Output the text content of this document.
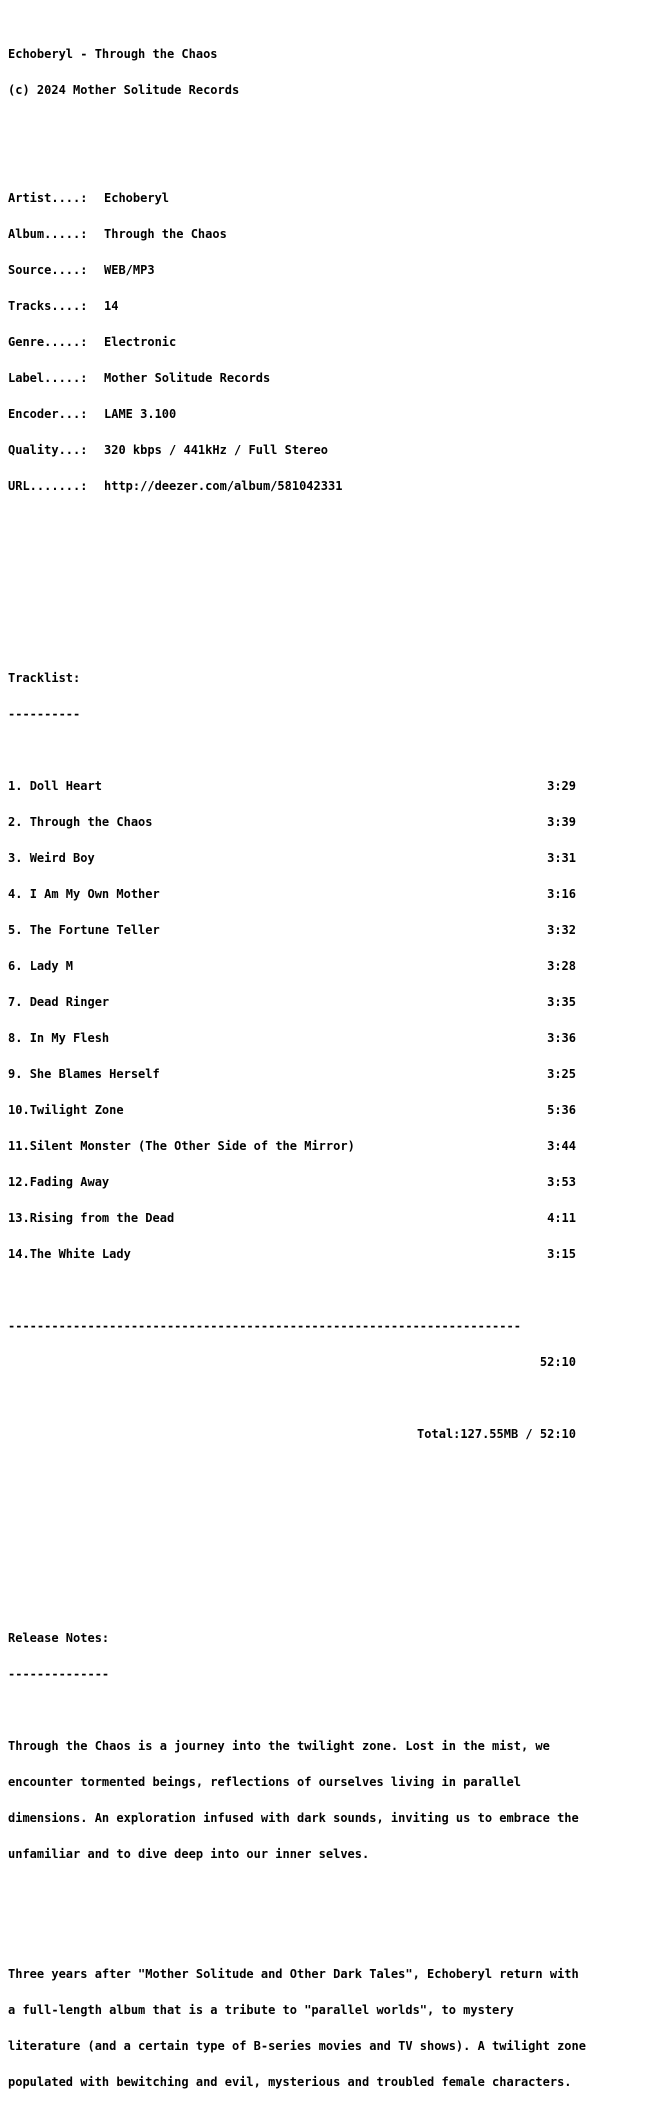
Echoberyl - Through the Chaos

(c) 2024 Mother Solitude Records

Artist....:	Echoberyl

Album.....:	Through the Chaos

Source....:	WEB/MP3

Tracks....:	14

Genre.....:	Electronic

Label.....:	Mother Solitude Records

Encoder...:	LAME 3.100

Quality...:	320 kbps / 441kHz / Full Stereo

URL.......:	http://deezer.com/album/581042331

Tracklist:

----------

1. Doll Heart	3:29

2. Through the Chaos	3:39

3. Weird Boy	3:31

4. I Am My Own Mother	3:16

5. The Fortune Teller	3:32

6. Lady M	3:28

7. Dead Ringer	3:35

8. In My Flesh	3:36

9. She Blames Herself	3:25

10. Twilight Zone	5:36

11. Silent Monster (The Other Side of the Mirror)	3:44

12. Fading Away	3:53

13. Rising from the Dead	4:11

14. The White Lady	3:15

-----------------------------------------------------------------------

52:10

Total:127.55MB / 52:10

Release Notes:

--------------

Through the Chaos is a journey into the twilight zone. Lost in the mist, we

encounter tormented beings, reflections of ourselves living in parallel

dimensions. An exploration infused with dark sounds, inviting us to embrace the

unfamiliar and to dive deep into our inner selves.

Three years after "Mother Solitude and Other Dark Tales", Echoberyl return with

a full-length album that is a tribute to "parallel worlds", to mystery

literature (and a certain type of B-series movies and TV shows). A twilight zone

populated with bewitching and evil, mysterious and troubled female characters.
